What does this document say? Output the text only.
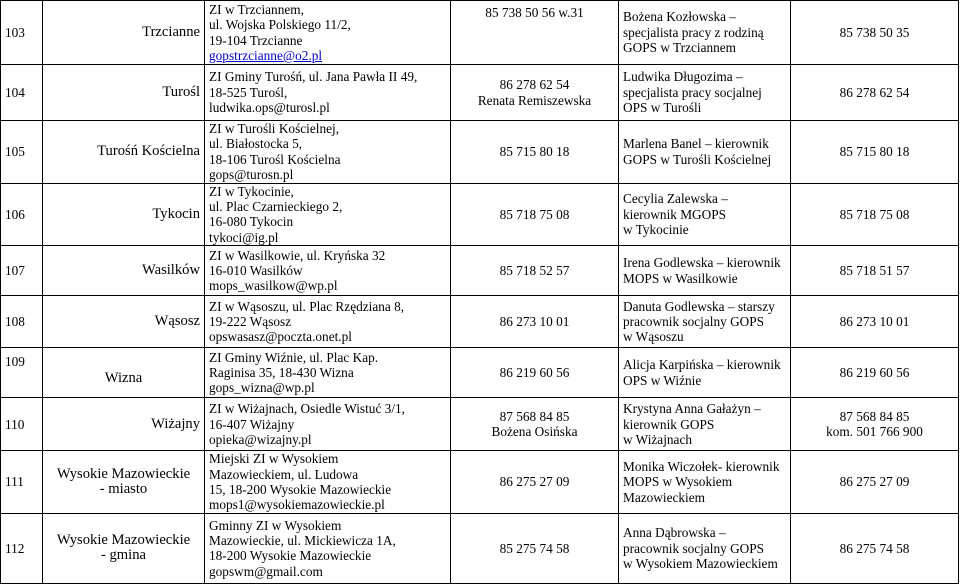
103	Trzcianne	ZI w Trzciannem,
ul. Wojska Polskiego 11/2,
19-104 Trzcianne
gopstrzcianne@o2.pl	85 738 50 56 w.31	Bożena Kozłowska –
specjalista pracy z rodziną
GOPS w Trzciannem	85 738 50 35
104	Turośl	ZI Gminy Turośń, ul. Jana Pawła II 49,
18-525 Turośl,
ludwika.ops@turosl.pl	86 278 62 54
Renata Remiszewska	Ludwika Długozima –
specjalista pracy socjalnej
OPS w Turośli	86 278 62 54
105	Turośń Kościelna	ZI w Turośli Kościelnej,
ul. Białostocka 5,
18-106 Turośl Kościelna
gops@turosn.pl	85 715 80 18	Marlena Banel – kierownik
GOPS w Turośli Kościelnej	85 715 80 18
106	Tykocin	ZI w Tykocinie,
ul. Plac Czarnieckiego 2,
16-080 Tykocin
tykoci@ig.pl	85 718 75 08	Cecylia Zalewska –
kierownik MGOPS
w Tykocinie	85 718 75 08
107	Wasilków	ZI w Wasilkowie, ul. Kryńska 32
16-010 Wasilków
mops_wasilkow@wp.pl	85 718 52 57	Irena Godlewska – kierownik
MOPS w Wasilkowie	85 718 51 57
108	Wąsosz	ZI w Wąsoszu, ul. Plac Rzędziana 8,
19-222 Wąsosz
opswasasz@poczta.onet.pl	86 273 10 01	Danuta Godlewska – starszy
pracownik socjalny GOPS
w Wąsoszu	86 273 10 01
109	Wizna	ZI Gminy Wiźnie, ul. Plac Kap.
Raginisa 35, 18-430 Wizna
gops_wizna@wp.pl	86 219 60 56	Alicja Karpińska – kierownik
OPS w Wiźnie	86 219 60 56
110	Wiżajny	ZI w Wiżajnach, Osiedle Wistuć 3/1,
16-407 Wiżajny
opieka@wizajny.pl	87 568 84 85
Bożena Osińska	Krystyna Anna Gałażyn –
kierownik GOPS
w Wiżajnach	87 568 84 85
kom. 501 766 900

111	Wysokie Mazowieckie
- miasto	Miejski ZI w Wysokiem
Mazowieckiem, ul. Ludowa
15, 18-200 Wysokie Mazowieckie
mops1@wysokiemazowieckie.pl	86 275 27 09	Monika Wiczołek- kierownik
MOPS w Wysokiem
Mazowieckiem	86 275 27 09
112	Wysokie Mazowieckie
- gmina	Gminny ZI w Wysokiem
Mazowieckie, ul. Mickiewicza 1A,
18-200 Wysokie Mazowieckie
gopswm@gmail.com	85 275 74 58	Anna Dąbrowska –
pracownik socjalny GOPS
w Wysokiem Mazowieckiem	86 275 74 58
